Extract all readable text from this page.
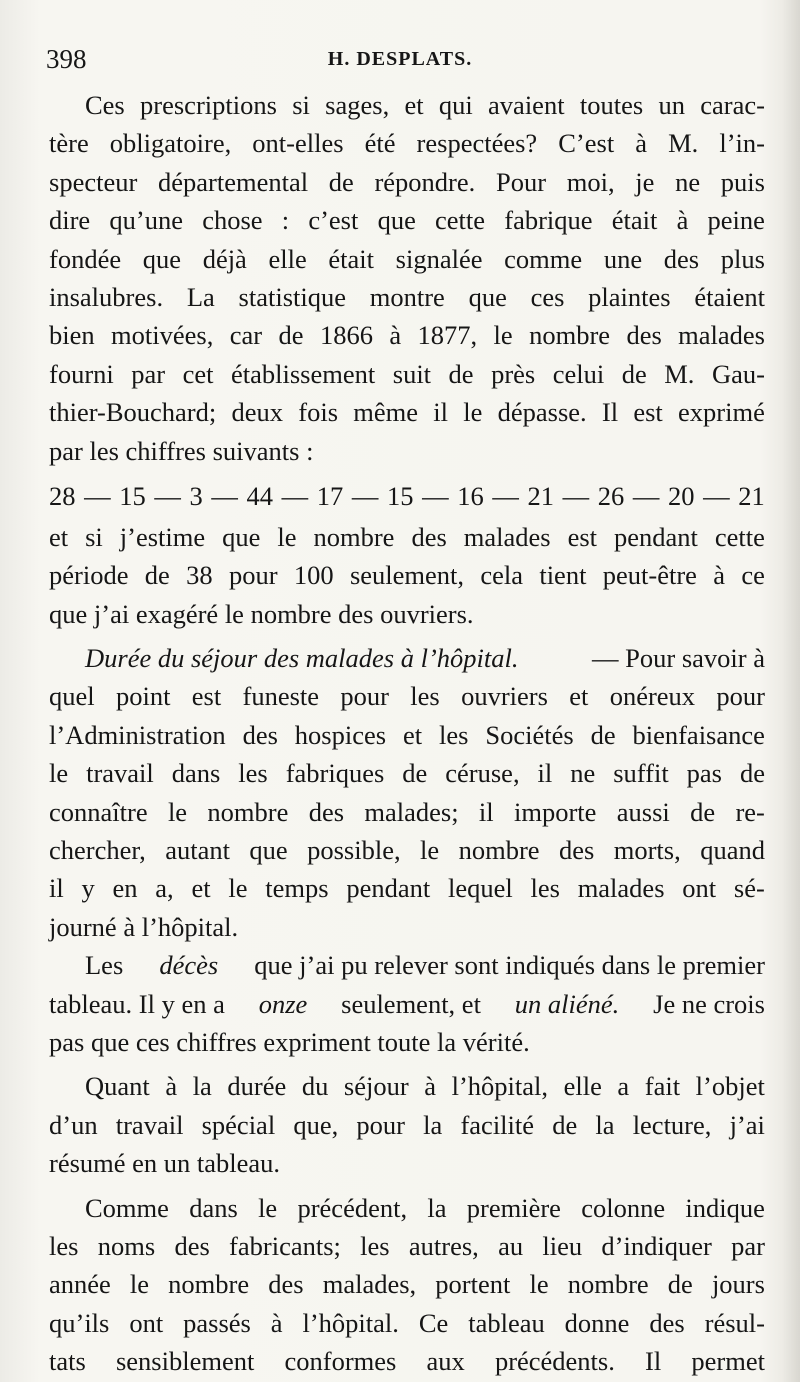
398	H. DESPLATS.
Ces prescriptions si sages, et qui avaient toutes un carac-
tère obligatoire, ont-elles été respectées? C’est à M. l’in-
specteur départemental de répondre. Pour moi, je ne puis
dire qu’une chose : c’est que cette fabrique était à peine
fondée que déjà elle était signalée comme une des plus
insalubres. La statistique montre que ces plaintes étaient
bien motivées, car de 1866 à 1877, le nombre des malades
fourni par cet établissement suit de près celui de M. Gau-
thier-Bouchard; deux fois même il le dépasse. Il est exprimé
par les chiffres suivants :
28 — 15 — 3 — 44 — 17 — 15 — 16 — 21 — 26 — 20 — 21
et si j’estime que le nombre des malades est pendant cette
période de 38 pour 100 seulement, cela tient peut-être à ce
que j’ai exagéré le nombre des ouvriers.
Durée du séjour des malades à l’hôpital.	— Pour savoir à
quel point est funeste pour les ouvriers et onéreux pour
l’Administration des hospices et les Sociétés de bienfaisance
le travail dans les fabriques de céruse, il ne suffit pas de
connaître le nombre des malades; il importe aussi de re-
chercher, autant que possible, le nombre des morts, quand
il y en a, et le temps pendant lequel les malades ont sé-
journé à l’hôpital.
Les décès que j’ai pu relever sont indiqués dans le premier
tableau. Il y en a onze seulement, et un aliéné. Je ne crois
pas que ces chiffres expriment toute la vérité.
Quant à la durée du séjour à l’hôpital, elle a fait l’objet
d’un travail spécial que, pour la facilité de la lecture, j’ai
résumé en un tableau.
Comme dans le précédent, la première colonne indique
les noms des fabricants; les autres, au lieu d’indiquer par
année le nombre des malades, portent le nombre de jours
qu’ils ont passés à l’hôpital. Ce tableau donne des résul-
tats sensiblement conformes aux précédents. Il permet
